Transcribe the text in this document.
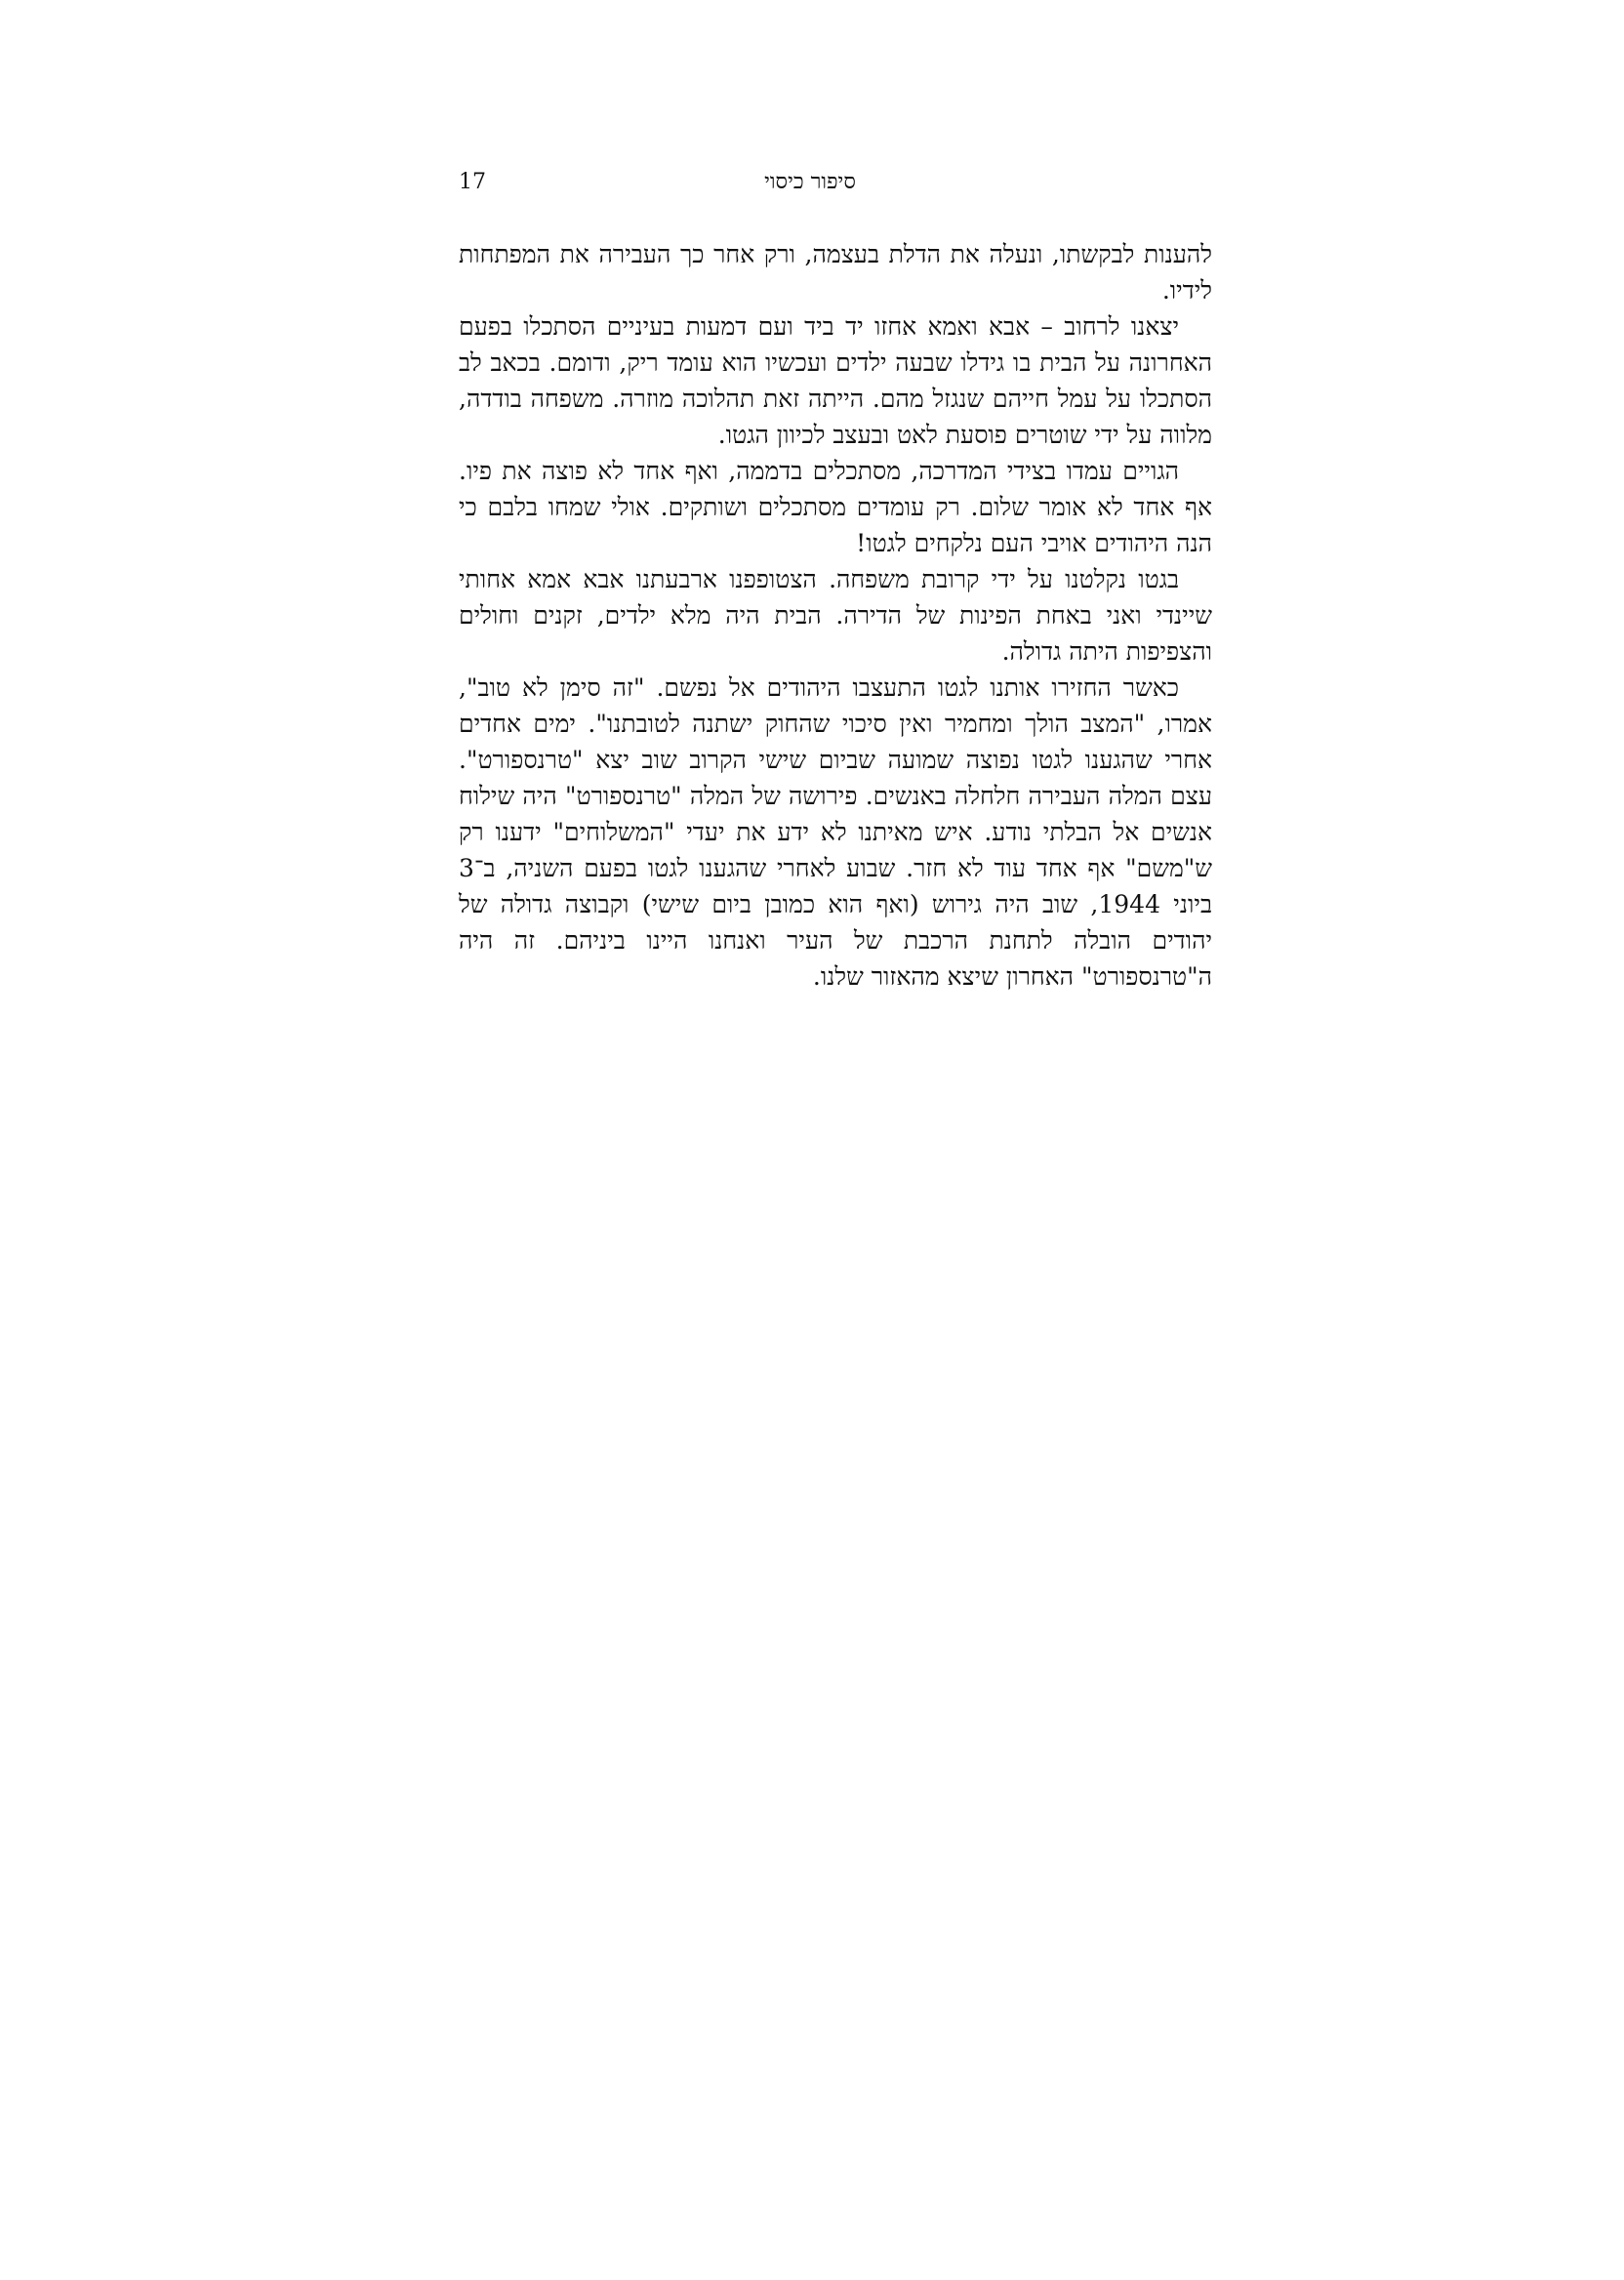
17	סיפור כיסוי

להענות לבקשתו, ונעלה את הדלת בעצמה, ורק אחר כך העבירה את המפתחות לידיו.

יצאנו לרחוב – אבא ואמא אחזו יד ביד ועם דמעות בעיניים הסתכלו בפעם האחרונה על הבית בו גידלו שבעה ילדים ועכשיו הוא עומד ריק, ודומם. בכאב לב הסתכלו על עמל חייהם שנגזל מהם. הייתה זאת תהלוכה מוזרה. משפחה בודדה, מלווה על ידי שוטרים פוסעת לאט ובעצב לכיוון הגטו.

הגויים עמדו בצידי המדרכה, מסתכלים בדממה, ואף אחד לא פוצה את פיו. אף אחד לא אומר שלום. רק עומדים מסתכלים ושותקים. אולי שמחו בלבם כי הנה היהודים אויבי העם נלקחים לגטו!

בגטו נקלטנו על ידי קרובת משפחה. הצטופפנו ארבעתנו אבא אמא אחותי שיינדי ואני באחת הפינות של הדירה. הבית היה מלא ילדים, זקנים וחולים והצפיפות היתה גדולה.

כאשר החזירו אותנו לגטו התעצבו היהודים אל נפשם. "זה סימן לא טוב", אמרו, "המצב הולך ומחמיר ואין סיכוי שהחוק ישתנה לטובתנו". ימים אחדים אחרי שהגענו לגטו נפוצה שמועה שביום שישי הקרוב שוב יצא "טרנספורט". עצם המלה העבירה חלחלה באנשים. פירושה של המלה "טרנספורט" היה שילוח אנשים אל הבלתי נודע. איש מאיתנו לא ידע את יעדי "המשלוחים" ידענו רק ש"משם" אף אחד עוד לא חזר. שבוע לאחרי שהגענו לגטו בפעם השניה, ב־3 ביוני 1944, שוב היה גירוש (ואף הוא כמובן ביום שישי) וקבוצה גדולה של יהודים הובלה לתחנת הרכבת של העיר ואנחנו היינו ביניהם. זה היה ה"טרנספורט" האחרון שיצא מהאזור שלנו.
